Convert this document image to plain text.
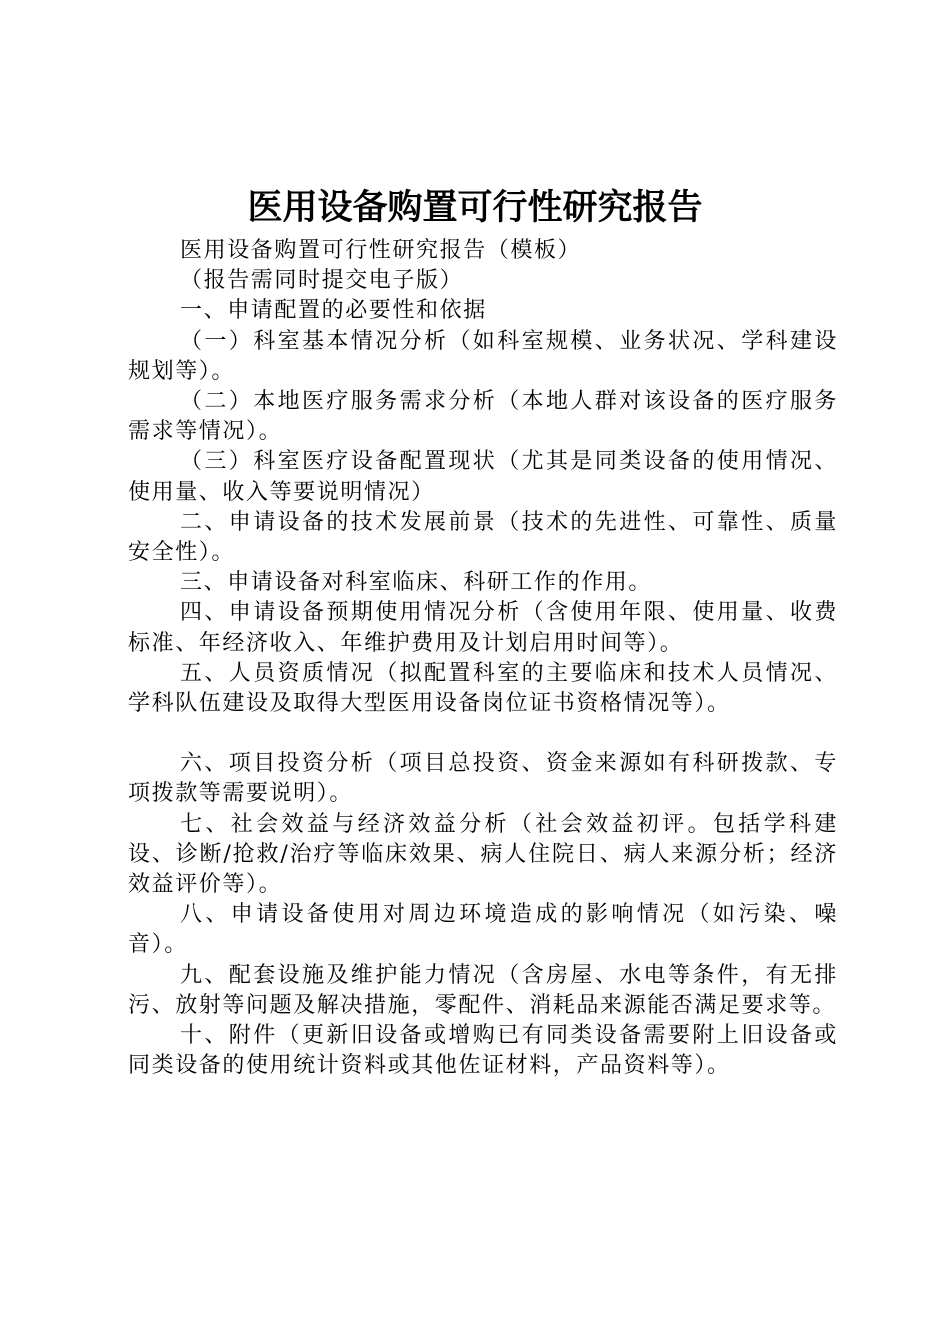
医用设备购置可行性研究报告

医用设备购置可行性研究报告（模板）

（报告需同时提交电子版）

一、申请配置的必要性和依据

（一）科室基本情况分析（如科室规模、业务状况、学科建设规划等）。

（二）本地医疗服务需求分析（本地人群对该设备的医疗服务需求等情况）。

（三）科室医疗设备配置现状（尤其是同类设备的使用情况、使用量、收入等要说明情况）

二、申请设备的技术发展前景（技术的先进性、可靠性、质量安全性）。

三、申请设备对科室临床、科研工作的作用。

四、申请设备预期使用情况分析（含使用年限、使用量、收费标准、年经济收入、年维护费用及计划启用时间等）。

五、人员资质情况（拟配置科室的主要临床和技术人员情况、学科队伍建设及取得大型医用设备岗位证书资格情况等）。

六、项目投资分析（项目总投资、资金来源如有科研拨款、专项拨款等需要说明）。

七、社会效益与经济效益分析（社会效益初评。包括学科建设、诊断/抢救/治疗等临床效果、病人住院日、病人来源分析；经济效益评价等）。

八、申请设备使用对周边环境造成的影响情况（如污染、噪音）。

九、配套设施及维护能力情况（含房屋、水电等条件，有无排污、放射等问题及解决措施，零配件、消耗品来源能否满足要求等。

十、附件（更新旧设备或增购已有同类设备需要附上旧设备或同类设备的使用统计资料或其他佐证材料，产品资料等）。
